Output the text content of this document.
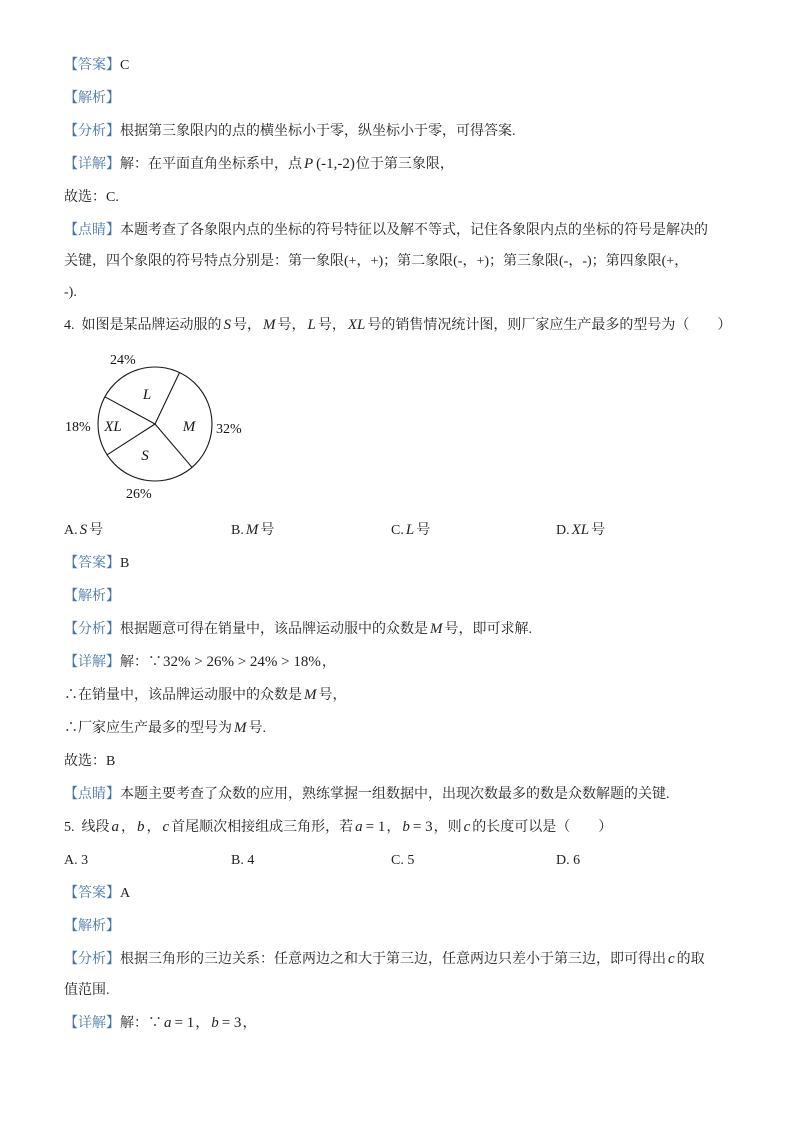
【答案】C

【解析】

【分析】根据第三象限内的点的横坐标小于零，纵坐标小于零，可得答案.

【详解】解：在平面直角坐标系中，点 P (-1,-2)位于第三象限，

故选：C.

【点睛】本题考查了各象限内点的坐标的符号特征以及解不等式，记住各象限内点的坐标的符号是解决的
关键，四个象限的符号特点分别是：第一象限(+，+)；第二象限(-，+)；第三象限(-，-)；第四象限(+，
-).

4. 如图是某品牌运动服的 S 号， M 号， L 号， XL 号的销售情况统计图，则厂家应生产最多的型号为（　　）

24%
18%	32%
26%
L
M
XL
S
A. S 号	B. M 号	C. L 号	D. XL 号

【答案】B

【解析】

【分析】根据题意可得在销量中，该品牌运动服中的众数是 M 号，即可求解.

【详解】解：∵32% > 26% > 24% > 18%，

∴在销量中，该品牌运动服中的众数是 M 号，

∴厂家应生产最多的型号为 M 号.

故选：B

【点睛】本题主要考查了众数的应用，熟练掌握一组数据中，出现次数最多的数是众数解题的关键.

5. 线段 a ， b ， c 首尾顺次相接组成三角形，若 a = 1， b = 3，则 c 的长度可以是（　　）

A. 3	B. 4	C. 5	D. 6

【答案】A

【解析】

【分析】根据三角形的三边关系：任意两边之和大于第三边，任意两边只差小于第三边，即可得出 c 的取
值范围.

【详解】解：∵ a = 1， b = 3，
